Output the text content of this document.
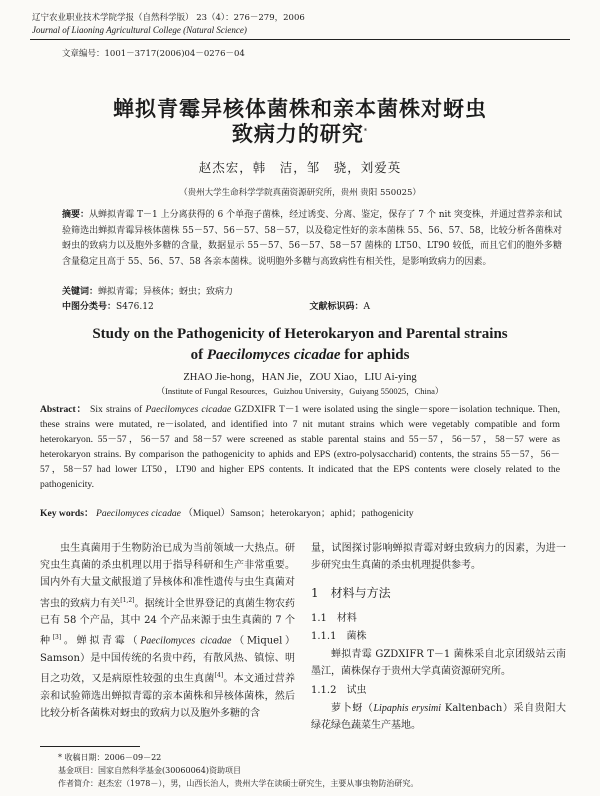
辽宁农业职业技术学院学报（自然科学版） 23（4）：276－279，2006
Journal of Liaoning Agricultural College (Natural Science)
文章编号：1001－3717(2006)04－0276－04
蝉拟青霉异核体菌株和亲本菌株对蚜虫
致病力的研究*
赵杰宏，韩　洁，邹　骁，刘爱英
（贵州大学生命科学学院真菌资源研究所，贵州 贵阳 550025）
摘要：从蝉拟青霉 T－1 上分离获得的 6 个单孢子菌株，经过诱变、分离、鉴定，保存了 7 个 nit 突变株，并通过营养亲和试验筛选出蝉拟青霉异核体菌株 55－57、56－57、58－57，以及稳定性好的亲本菌株 55、56、57、58，比较分析各菌株对蚜虫的致病力以及胞外多糖的含量，数据显示 55－57、56－57、58－57 菌株的 LT50、LT90 较低，而且它们的胞外多糖含量稳定且高于 55、56、57、58 各亲本菌株。说明胞外多糖与高致病性有相关性，是影响致病力的因素。
关键词：蝉拟青霉；异核体；蚜虫；致病力
中图分类号：S476.12	文献标识码：A
Study on the Pathogenicity of Heterokaryon and Parental strains
of Paecilomyces cicadae for aphids
ZHAO Jie-hong，HAN Jie，ZOU Xiao，LIU Ai-ying
（Institute of Fungal Resources，Guizhou University，Guiyang 550025，China）
Abstract： Six strains of Paecilomyces cicadae GZDXIFR T－1 were isolated using the single－spore－isolation technique. Then, these strains were mutated, re－isolated, and identified into 7 nit mutant strains which were vegetably compatible and form heterokaryon. 55－57，56－57 and 58－57 were screened as stable parental stains and 55－57，56－57，58－57 were as heterokaryon strains. By comparison the pathogenicity to aphids and EPS (extro-polysaccharid) contents, the strains 55－57，56－57，58－57 had lower LT50，LT90 and higher EPS contents. It indicated that the EPS contents were closely related to the pathogenicity.
Key words： Paecilomyces cicadae （Miquel）Samson；heterokaryon；aphid；pathogenicity
虫生真菌用于生物防治已成为当前领域一大热点。研究虫生真菌的杀虫机理以用于指导科研和生产非常重要。国内外有大量文献报道了异核体和准性遗传与虫生真菌对害虫的致病力有关[1,2]。据统计全世界登记的真菌生物农药已有 58 个产品，其中 24 个产品来源于虫生真菌的 7 个种[3]。蝉拟青霉（Paecilomyces cicadae（Miquel）Samson）是中国传统的名贵中药，有散风热、镇惊、明目之功效，又是病原性较强的虫生真菌[4]。本文通过营养亲和试验筛选出蝉拟青霉的亲本菌株和异核体菌株，然后比较分析各菌株对蚜虫的致病力以及胞外多糖的含
量，试图探讨影响蝉拟青霉对蚜虫致病力的因素，为进一步研究虫生真菌的杀虫机理提供参考。
1　材料与方法
1.1　材料
1.1.1　菌株
蝉拟青霉 GZDXIFR T－1 菌株采自北京团级站云南墨江，菌株保存于贵州大学真菌资源研究所。
1.1.2　试虫
萝卜蚜（Lipaphis erysimi Kaltenbach）采自贵阳大绿花绿色蔬菜生产基地。
* 收稿日期：2006－09－22
基金项目：国家自然科学基金(30060064)资助项目
作者简介：赵杰宏（1978－），男，山西长治人，贵州大学在读硕士研究生，主要从事虫物防治研究。
